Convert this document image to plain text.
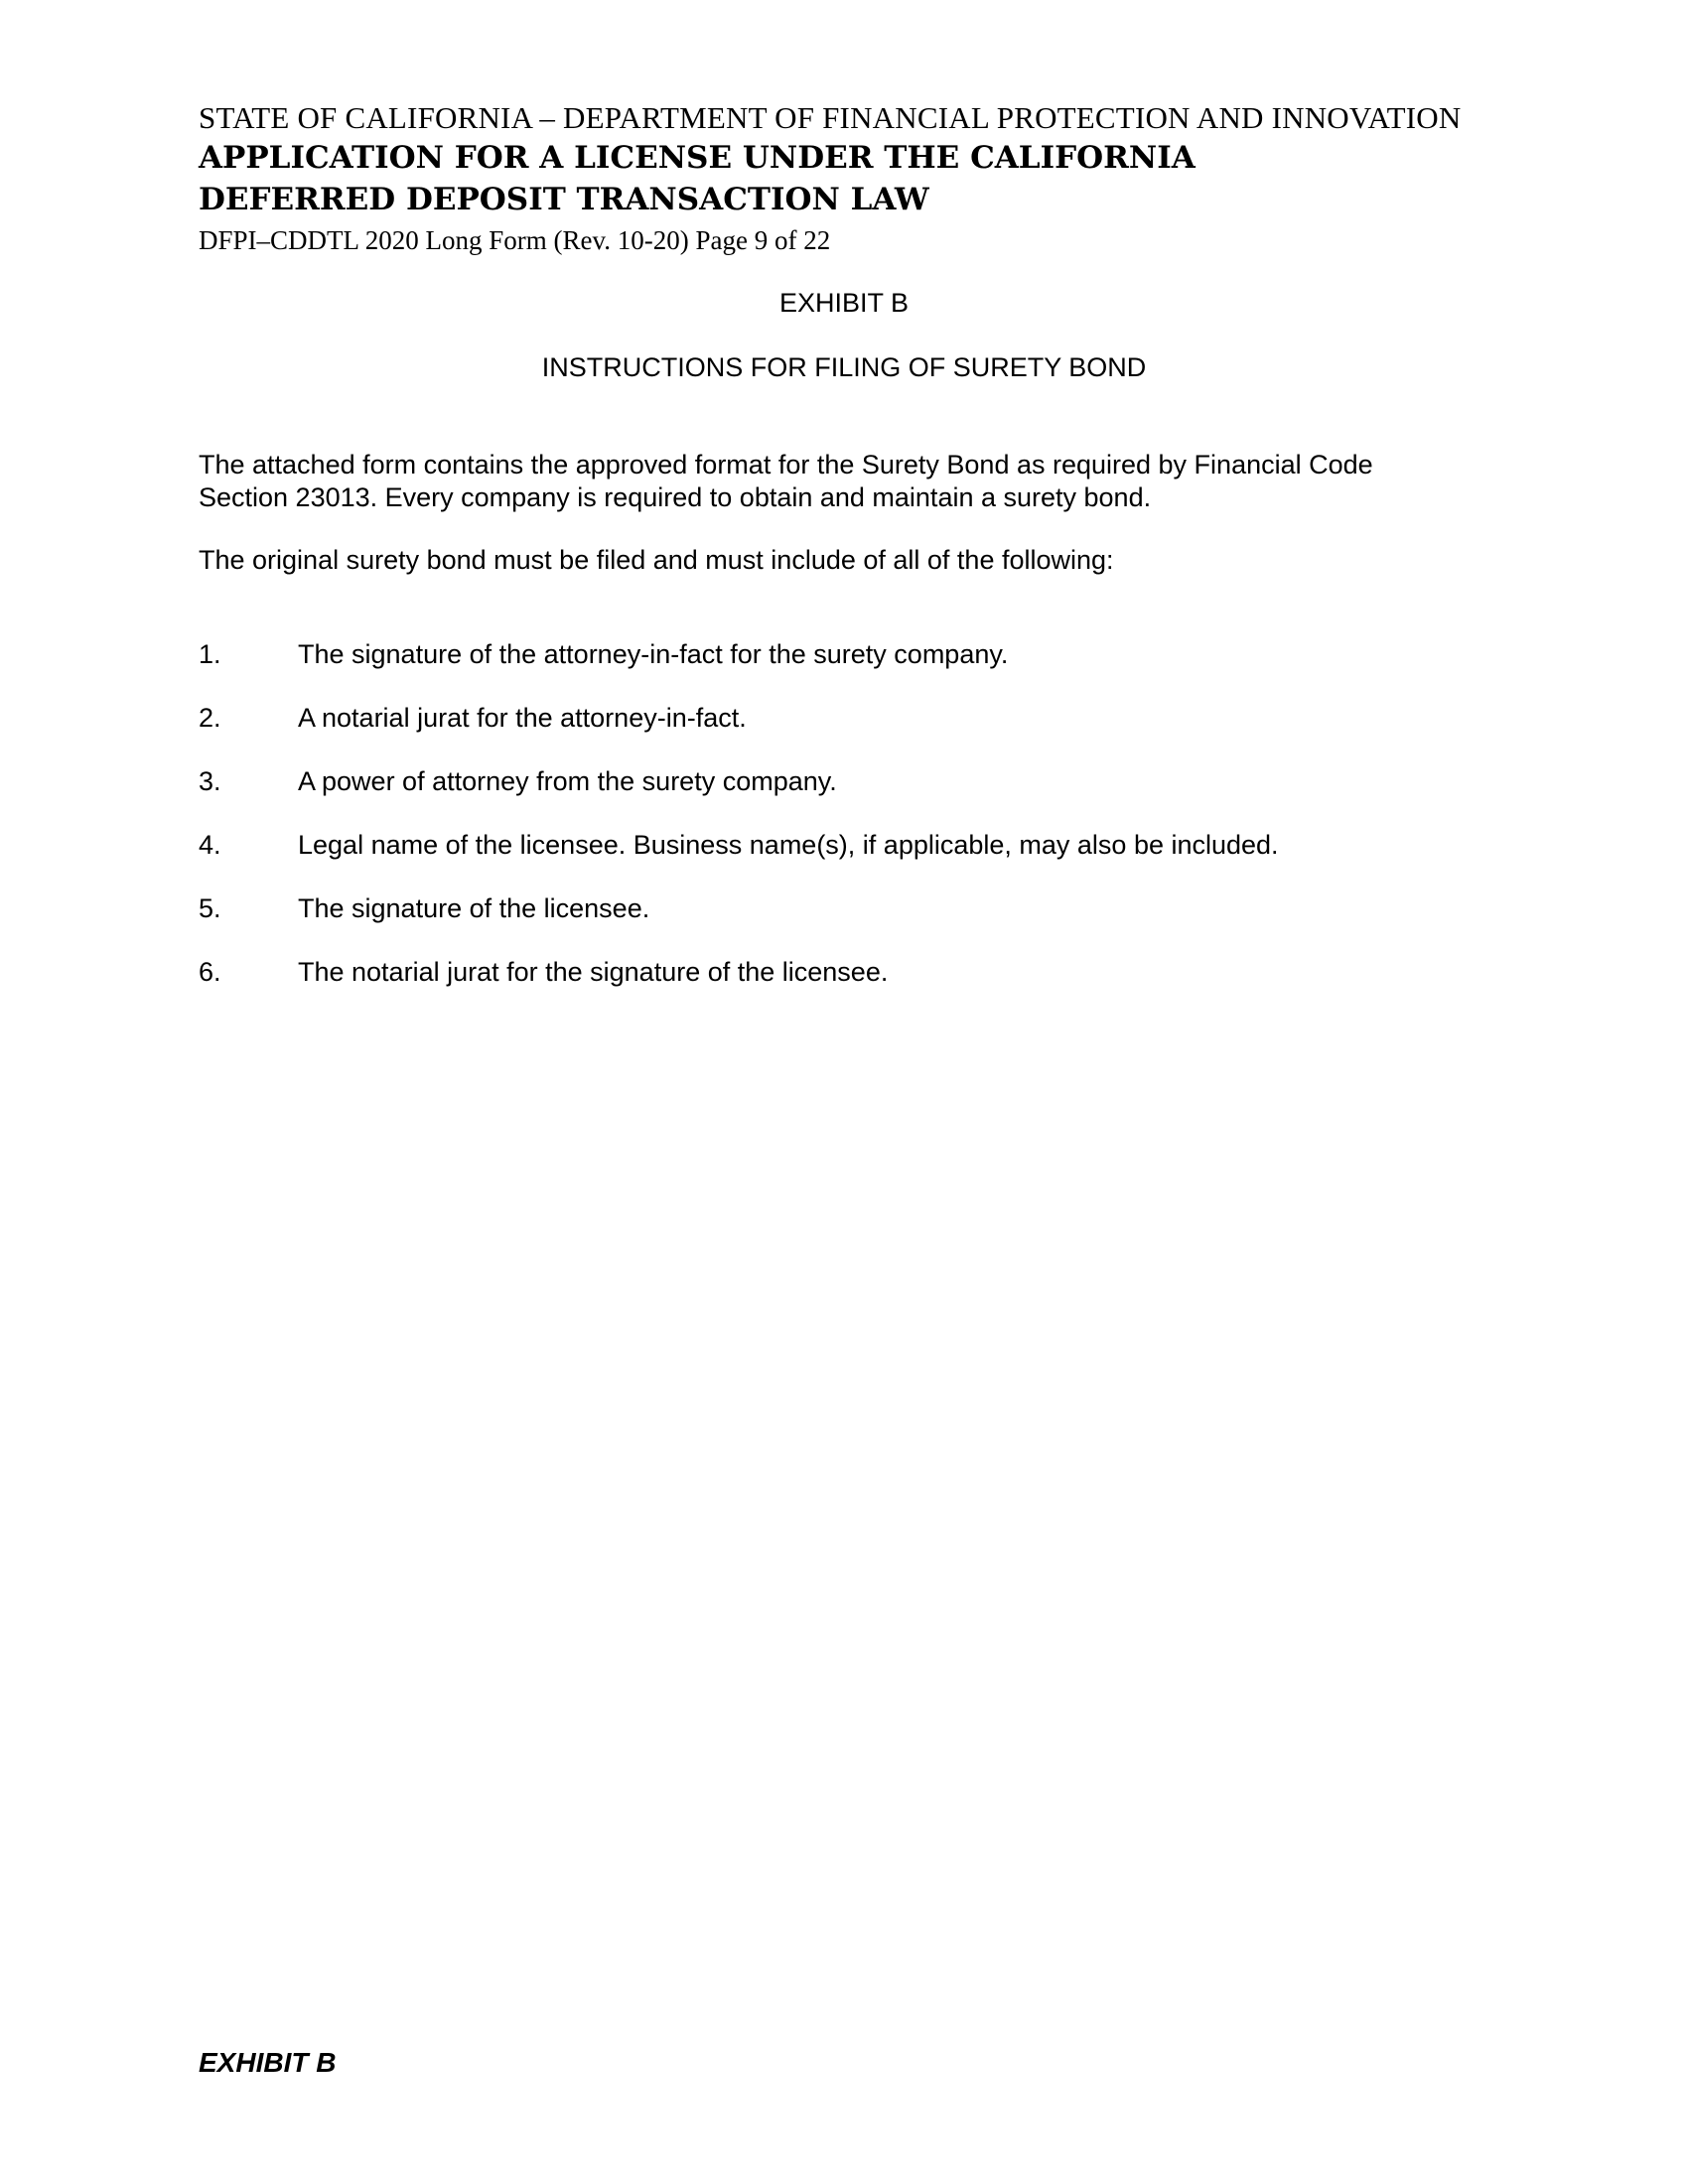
STATE OF CALIFORNIA – DEPARTMENT OF FINANCIAL PROTECTION AND INNOVATION
APPLICATION FOR A LICENSE UNDER THE CALIFORNIA
DEFERRED DEPOSIT TRANSACTION LAW
DFPI–CDDTL 2020 Long Form (Rev. 10-20) Page 9 of 22
EXHIBIT B
INSTRUCTIONS FOR FILING OF SURETY BOND
The attached form contains the approved format for the Surety Bond as required by Financial Code Section 23013. Every company is required to obtain and maintain a surety bond.
The original surety bond must be filed and must include of all of the following:
1.	The signature of the attorney-in-fact for the surety company.
2.	A notarial jurat for the attorney-in-fact.
3.	A power of attorney from the surety company.
4.	Legal name of the licensee. Business name(s), if applicable, may also be included.
5.	The signature of the licensee.
6.	The notarial jurat for the signature of the licensee.
EXHIBIT B
